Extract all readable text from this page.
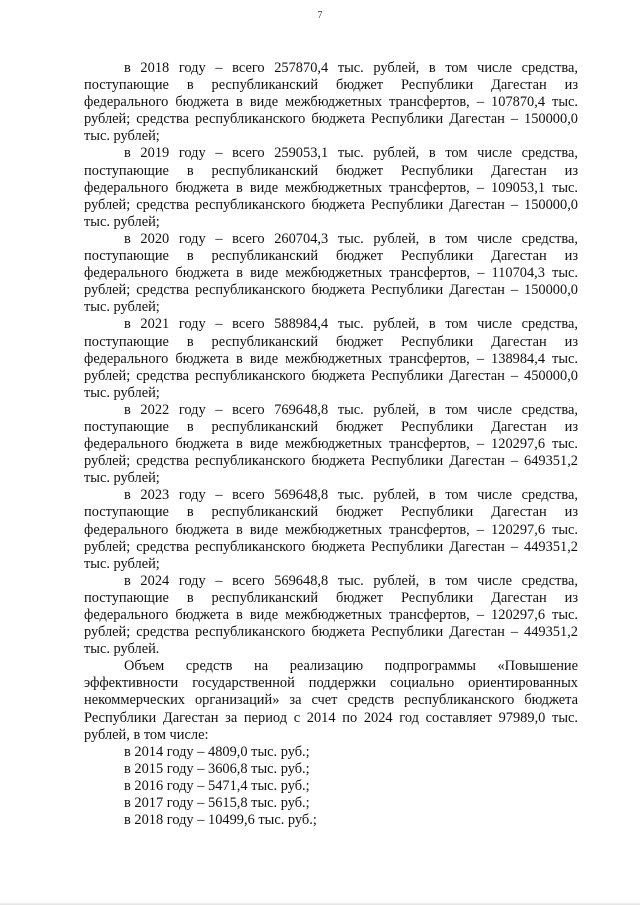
7

в 2018 году – всего 257870,4 тыс. рублей, в том числе средства, поступающие в республиканский бюджет Республики Дагестан из федерального бюджета в виде межбюджетных трансфертов, – 107870,4 тыс. рублей; средства республиканского бюджета Республики Дагестан – 150000,0 тыс. рублей;

в 2019 году – всего 259053,1 тыс. рублей, в том числе средства, поступающие в республиканский бюджет Республики Дагестан из федерального бюджета в виде межбюджетных трансфертов, – 109053,1 тыс. рублей; средства республиканского бюджета Республики Дагестан – 150000,0 тыс. рублей;

в 2020 году – всего 260704,3 тыс. рублей, в том числе средства, поступающие в республиканский бюджет Республики Дагестан из федерального бюджета в виде межбюджетных трансфертов, – 110704,3 тыс. рублей; средства республиканского бюджета Республики Дагестан – 150000,0 тыс. рублей;

в 2021 году – всего 588984,4 тыс. рублей, в том числе средства, поступающие в республиканский бюджет Республики Дагестан из федерального бюджета в виде межбюджетных трансфертов, – 138984,4 тыс. рублей; средства республиканского бюджета Республики Дагестан – 450000,0 тыс. рублей;

в 2022 году – всего 769648,8 тыс. рублей, в том числе средства, поступающие в республиканский бюджет Республики Дагестан из федерального бюджета в виде межбюджетных трансфертов, – 120297,6 тыс. рублей; средства республиканского бюджета Республики Дагестан – 649351,2 тыс. рублей;

в 2023 году – всего 569648,8 тыс. рублей, в том числе средства, поступающие в республиканский бюджет Республики Дагестан из федерального бюджета в виде межбюджетных трансфертов, – 120297,6 тыс. рублей; средства республиканского бюджета Республики Дагестан – 449351,2 тыс. рублей;

в 2024 году – всего 569648,8 тыс. рублей, в том числе средства, поступающие в республиканский бюджет Республики Дагестан из федерального бюджета в виде межбюджетных трансфертов, – 120297,6 тыс. рублей; средства республиканского бюджета Республики Дагестан – 449351,2 тыс. рублей.

Объем средств на реализацию подпрограммы «Повышение эффективности государственной поддержки социально ориентированных некоммерческих организаций» за счет средств республиканского бюджета Республики Дагестан за период с 2014 по 2024 год составляет 97989,0 тыс. рублей, в том числе:

в 2014 году – 4809,0 тыс. руб.;
в 2015 году – 3606,8 тыс. руб.;
в 2016 году – 5471,4 тыс. руб.;
в 2017 году – 5615,8 тыс. руб.;
в 2018 году – 10499,6 тыс. руб.;
